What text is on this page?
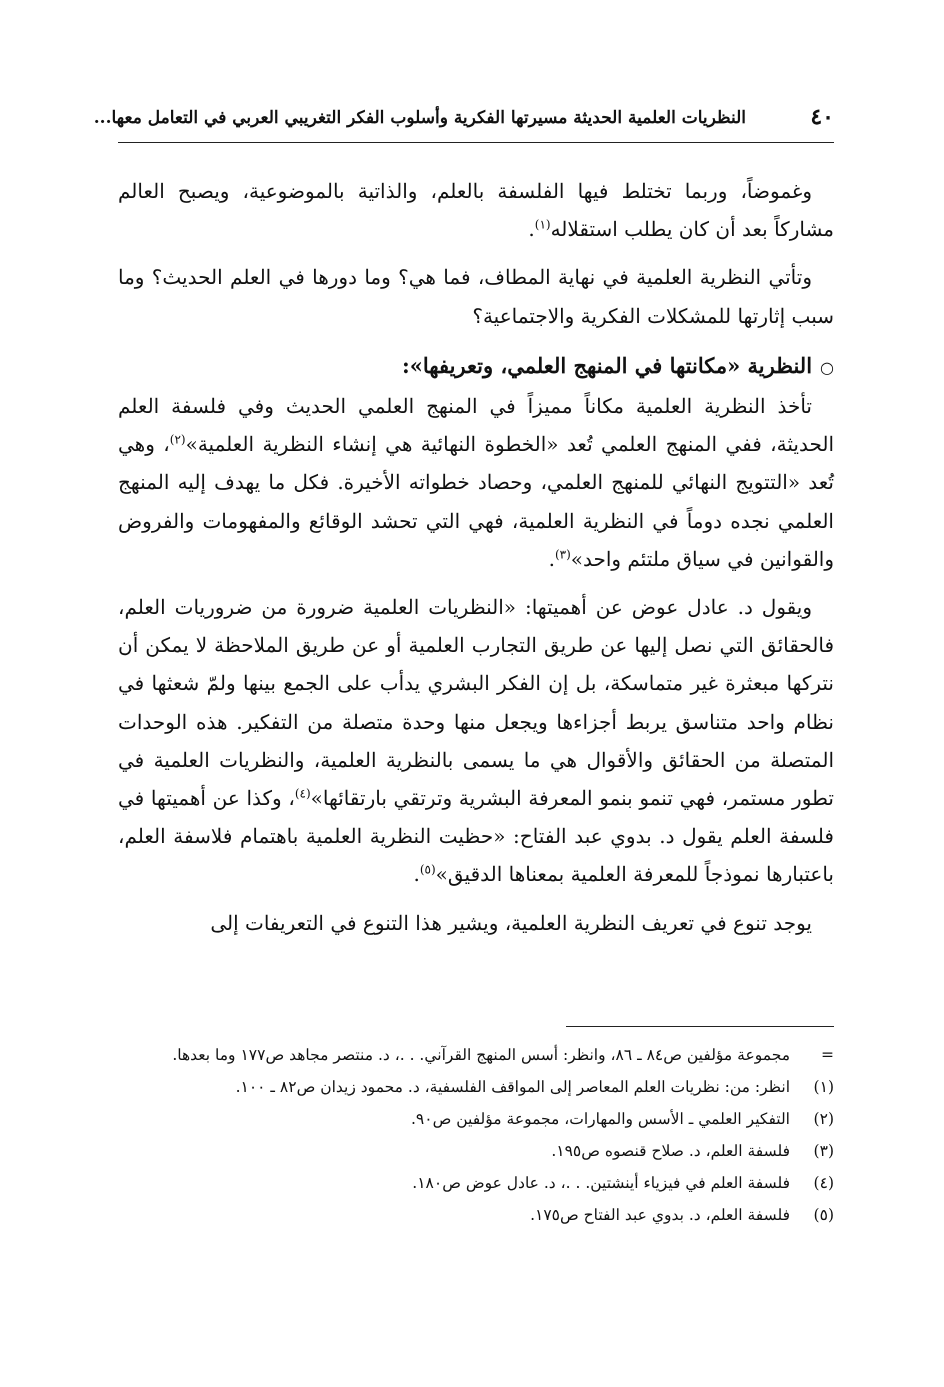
٤٠
النظريات العلمية الحديثة مسيرتها الفكرية وأسلوب الفكر التغريبي العربي في التعامل معها...

وغموضاً، وربما تختلط فيها الفلسفة بالعلم، والذاتية بالموضوعية، ويصبح العالم مشاركاً بعد أن كان يطلب استقلاله$^{(١)}$.

وتأتي النظرية العلمية في نهاية المطاف، فما هي؟ وما دورها في العلم الحديث؟ وما سبب إثارتها للمشكلات الفكرية والاجتماعية؟

○النظرية «مكانتها في المنهج العلمي، وتعريفها»:

تأخذ النظرية العلمية مكاناً مميزاً في المنهج العلمي الحديث وفي فلسفة العلم الحديثة، ففي المنهج العلمي تُعد «الخطوة النهائية هي إنشاء النظرية العلمية»$^{(٢)}$، وهي تُعد «التتويج النهائي للمنهج العلمي، وحصاد خطواته الأخيرة. فكل ما يهدف إليه المنهج العلمي نجده دوماً في النظرية العلمية، فهي التي تحشد الوقائع والمفهومات والفروض والقوانين في سياق ملتئم واحد»$^{(٣)}$.

ويقول د. عادل عوض عن أهميتها: «النظريات العلمية ضرورة من ضروريات العلم، فالحقائق التي نصل إليها عن طريق التجارب العلمية أو عن طريق الملاحظة لا يمكن أن نتركها مبعثرة غير متماسكة، بل إن الفكر البشري يدأب على الجمع بينها ولمّ شعثها في نظام واحد متناسق يربط أجزاءها ويجعل منها وحدة متصلة من التفكير. هذه الوحدات المتصلة من الحقائق والأقوال هي ما يسمى بالنظرية العلمية، والنظريات العلمية في تطور مستمر، فهي تنمو بنمو المعرفة البشرية وترتقي بارتقائها»$^{(٤)}$، وكذا عن أهميتها في فلسفة العلم يقول د. بدوي عبد الفتاح: «حظيت النظرية العلمية باهتمام فلاسفة العلم، باعتبارها نموذجاً للمعرفة العلمية بمعناها الدقيق»$^{(٥)}$.

يوجد تنوع في تعريف النظرية العلمية، ويشير هذا التنوع في التعريفات إلى

=
مجموعة مؤلفين ص٨٤ ـ ٨٦، وانظر: أسس المنهج القرآني. . .، د. منتصر مجاهد ص١٧٧ وما بعدها.
(١)
انظر: من: نظريات العلم المعاصر إلى المواقف الفلسفية، د. محمود زيدان ص٨٢ ـ ١٠٠.
(٢)
التفكير العلمي ـ الأسس والمهارات، مجموعة مؤلفين ص٩٠.
(٣)
فلسفة العلم، د. صلاح قنصوه ص١٩٥.
(٤)
فلسفة العلم في فيزياء أينشتين. . .، د. عادل عوض ص١٨٠.
(٥)
فلسفة العلم، د. بدوي عبد الفتاح ص١٧٥.
